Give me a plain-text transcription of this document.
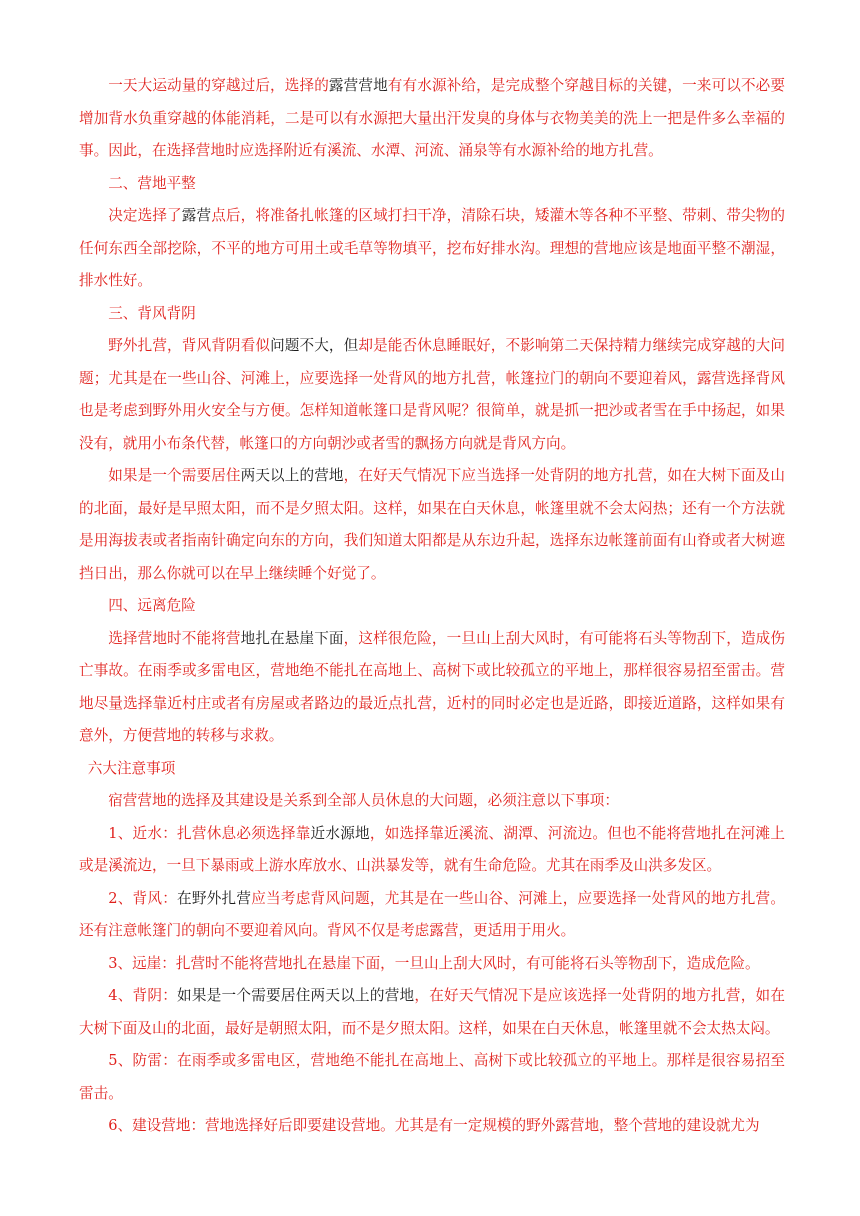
一天大运动量的穿越过后，选择的露营营地有有水源补给，是完成整个穿越目标的关键，一来可以不必要增加背水负重穿越的体能消耗，二是可以有水源把大量出汗发臭的身体与衣物美美的洗上一把是件多么幸福的事。因此，在选择营地时应选择附近有溪流、水潭、河流、涌泉等有水源补给的地方扎营。

二、营地平整

决定选择了露营点后，将准备扎帐篷的区域打扫干净，清除石块，矮灌木等各种不平整、带刺、带尖物的任何东西全部挖除，不平的地方可用土或毛草等物填平，挖布好排水沟。理想的营地应该是地面平整不潮湿，排水性好。

三、背风背阴

野外扎营，背风背阴看似问题不大，但却是能否休息睡眠好，不影响第二天保持精力继续完成穿越的大问题；尤其是在一些山谷、河滩上，应要选择一处背风的地方扎营，帐篷拉门的朝向不要迎着风，露营选择背风也是考虑到野外用火安全与方便。怎样知道帐篷口是背风呢？很简单，就是抓一把沙或者雪在手中扬起，如果没有，就用小布条代替，帐篷口的方向朝沙或者雪的飘扬方向就是背风方向。

如果是一个需要居住两天以上的营地，在好天气情况下应当选择一处背阴的地方扎营，如在大树下面及山的北面，最好是早照太阳，而不是夕照太阳。这样，如果在白天休息，帐篷里就不会太闷热；还有一个方法就是用海拔表或者指南针确定向东的方向，我们知道太阳都是从东边升起，选择东边帐篷前面有山脊或者大树遮挡日出，那么你就可以在早上继续睡个好觉了。

四、远离危险

选择营地时不能将营地扎在悬崖下面，这样很危险，一旦山上刮大风时，有可能将石头等物刮下，造成伤亡事故。在雨季或多雷电区，营地绝不能扎在高地上、高树下或比较孤立的平地上，那样很容易招至雷击。营地尽量选择靠近村庄或者有房屋或者路边的最近点扎营，近村的同时必定也是近路，即接近道路，这样如果有意外，方便营地的转移与求救。

六大注意事项

宿营营地的选择及其建设是关系到全部人员休息的大问题，必须注意以下事项：

1、近水：扎营休息必须选择靠近水源地，如选择靠近溪流、湖潭、河流边。但也不能将营地扎在河滩上或是溪流边，一旦下暴雨或上游水库放水、山洪暴发等，就有生命危险。尤其在雨季及山洪多发区。

2、背风：在野外扎营应当考虑背风问题，尤其是在一些山谷、河滩上，应要选择一处背风的地方扎营。还有注意帐篷门的朝向不要迎着风向。背风不仅是考虑露营，更适用于用火。

3、远崖：扎营时不能将营地扎在悬崖下面，一旦山上刮大风时，有可能将石头等物刮下，造成危险。

4、背阴：如果是一个需要居住两天以上的营地，在好天气情况下是应该选择一处背阴的地方扎营，如在大树下面及山的北面，最好是朝照太阳，而不是夕照太阳。这样，如果在白天休息，帐篷里就不会太热太闷。

5、防雷：在雨季或多雷电区，营地绝不能扎在高地上、高树下或比较孤立的平地上。那样是很容易招至雷击。

6、建设营地：营地选择好后即要建设营地。尤其是有一定规模的野外露营地，整个营地的建设就尤为
